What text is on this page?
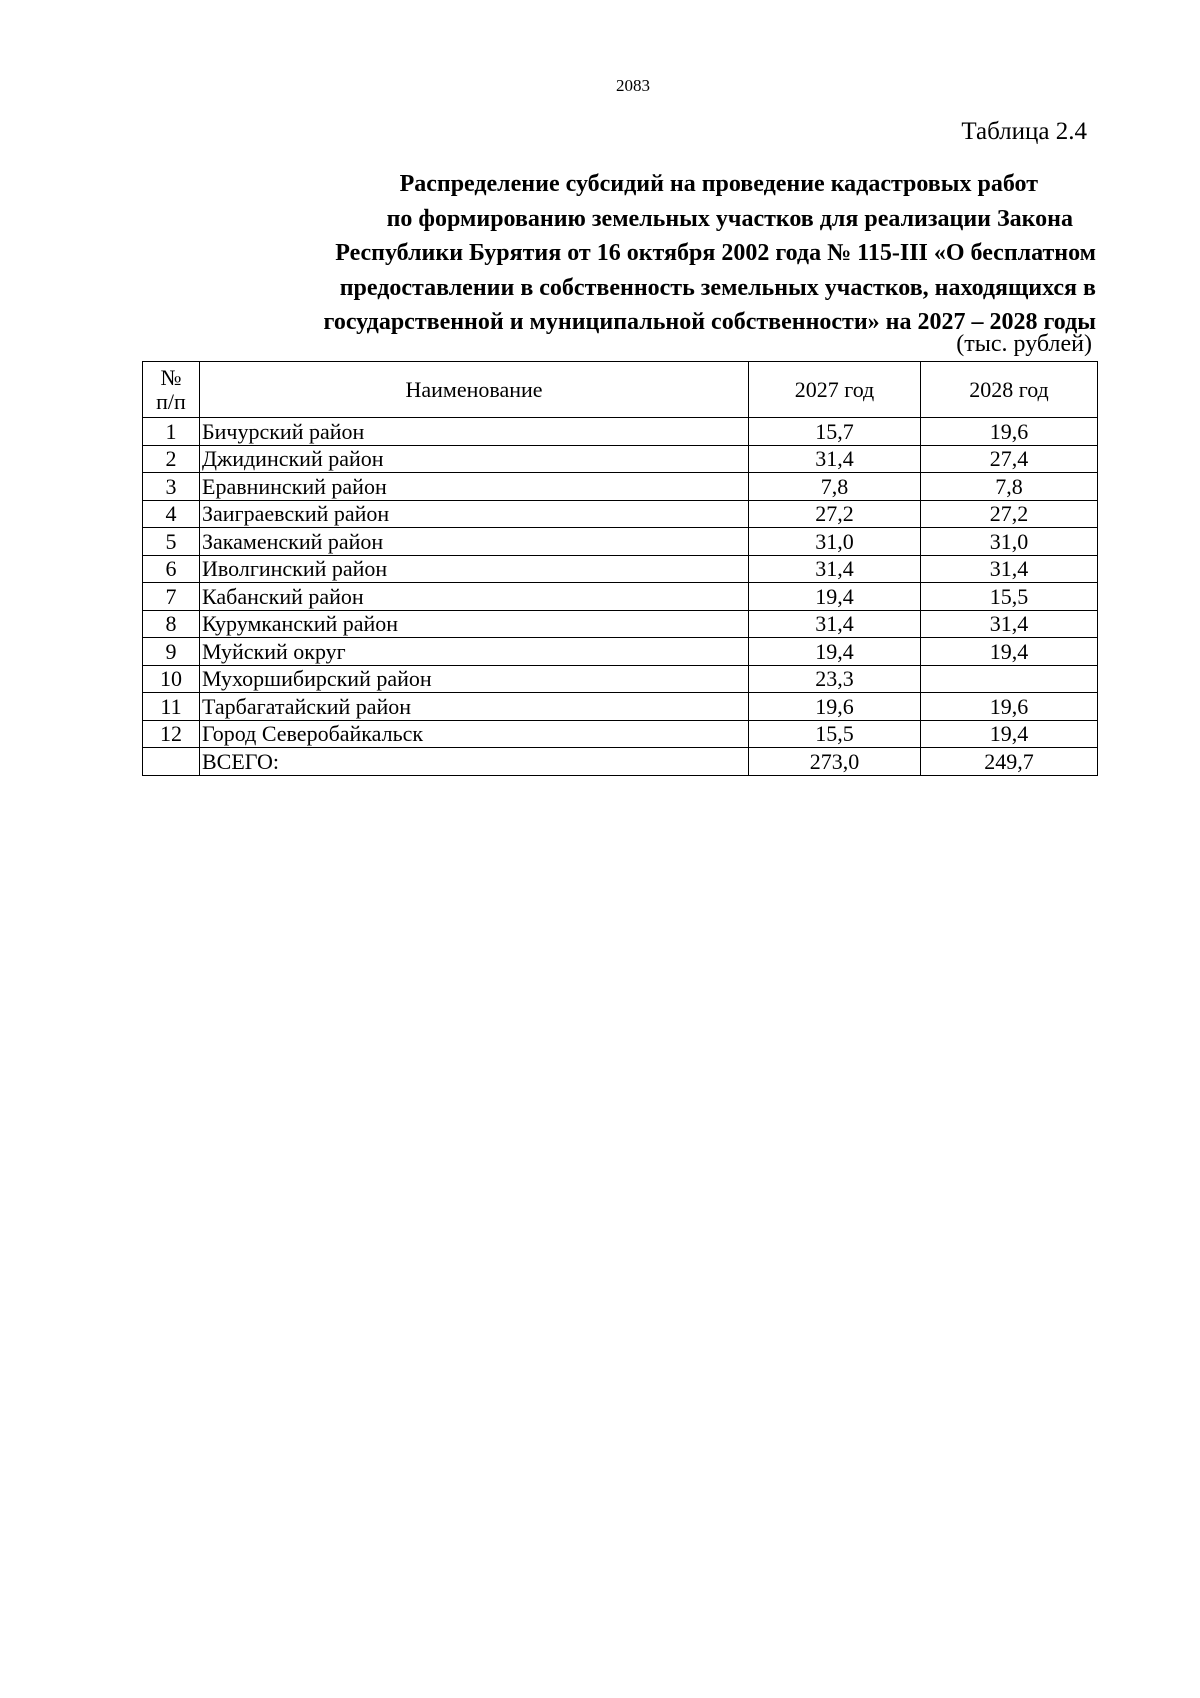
2083
Таблица 2.4
Распределение субсидий на проведение кадастровых работ
по формированию земельных участков для реализации Закона
Республики Бурятия от 16 октября 2002 года № 115-III «О бесплатном
предоставлении в собственность земельных участков, находящихся в
государственной и муниципальной собственности» на 2027 – 2028 годы
(тыс. рублей)
№
п/п	Наименование	2027 год	2028 год
1	Бичурский район	15,7	19,6
2	Джидинский район	31,4	27,4
3	Еравнинский район	7,8	7,8
4	Заиграевский район	27,2	27,2
5	Закаменский район	31,0	31,0
6	Иволгинский район	31,4	31,4
7	Кабанский район	19,4	15,5
8	Курумканский район	31,4	31,4
9	Муйский округ	19,4	19,4
10	Мухоршибирский район	23,3	
11	Тарбагатайский район	19,6	19,6
12	Город Северобайкальск	15,5	19,4
	ВСЕГО:	273,0	249,7
